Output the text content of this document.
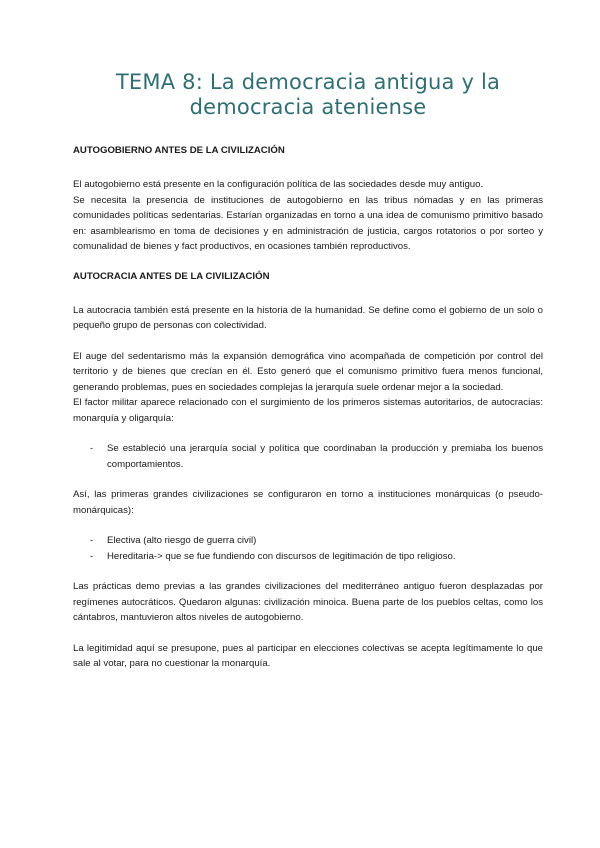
TEMA 8: La democracia antigua y la democracia ateniense
AUTOGOBIERNO ANTES DE LA CIVILIZACIÓN

El autogobierno está presente en la configuración política de las sociedades desde muy antiguo.

Se necesita la presencia de instituciones de autogobierno en las tribus nómadas y en las primeras comunidades políticas sedentarias. Estarían organizadas en torno a una idea de comunismo primitivo basado en: asamblearismo en toma de decisiones y en administración de justicia, cargos rotatorios o por sorteo y comunalidad de bienes y fact productivos, en ocasiones también reproductivos.

AUTOCRACIA ANTES DE LA CIVILIZACIÓN

La autocracia también está presente en la historia de la humanidad. Se define como el gobierno de un solo o pequeño grupo de personas con colectividad.

El auge del sedentarismo más la expansión demográfica vino acompañada de competición por control del territorio y de bienes que crecían en él. Esto generó que el comunismo primitivo fuera menos funcional, generando problemas, pues en sociedades complejas la jerarquía suele ordenar mejor a la sociedad.

El factor militar aparece relacionado con el surgimiento de los primeros sistemas autoritarios, de autocracias: monarquía y oligarquía:

- Se estableció una jerarquía social y política que coordinaban la producción y premiaba los buenos comportamientos.

Así, las primeras grandes civilizaciones se configuraron en torno a instituciones monárquicas (o pseudo-monárquicas):

- Electiva (alto riesgo de guerra civil)
- Hereditaria-> que se fue fundiendo con discursos de legitimación de tipo religioso.

Las prácticas demo previas a las grandes civilizaciones del mediterráneo antiguo fueron desplazadas por regímenes autocráticos. Quedaron algunas: civilización minoica. Buena parte de los pueblos celtas, como los cántabros, mantuvieron altos niveles de autogobierno.

La legitimidad aquí se presupone, pues al participar en elecciones colectivas se acepta legítimamente lo que sale al votar, para no cuestionar la monarquía.
